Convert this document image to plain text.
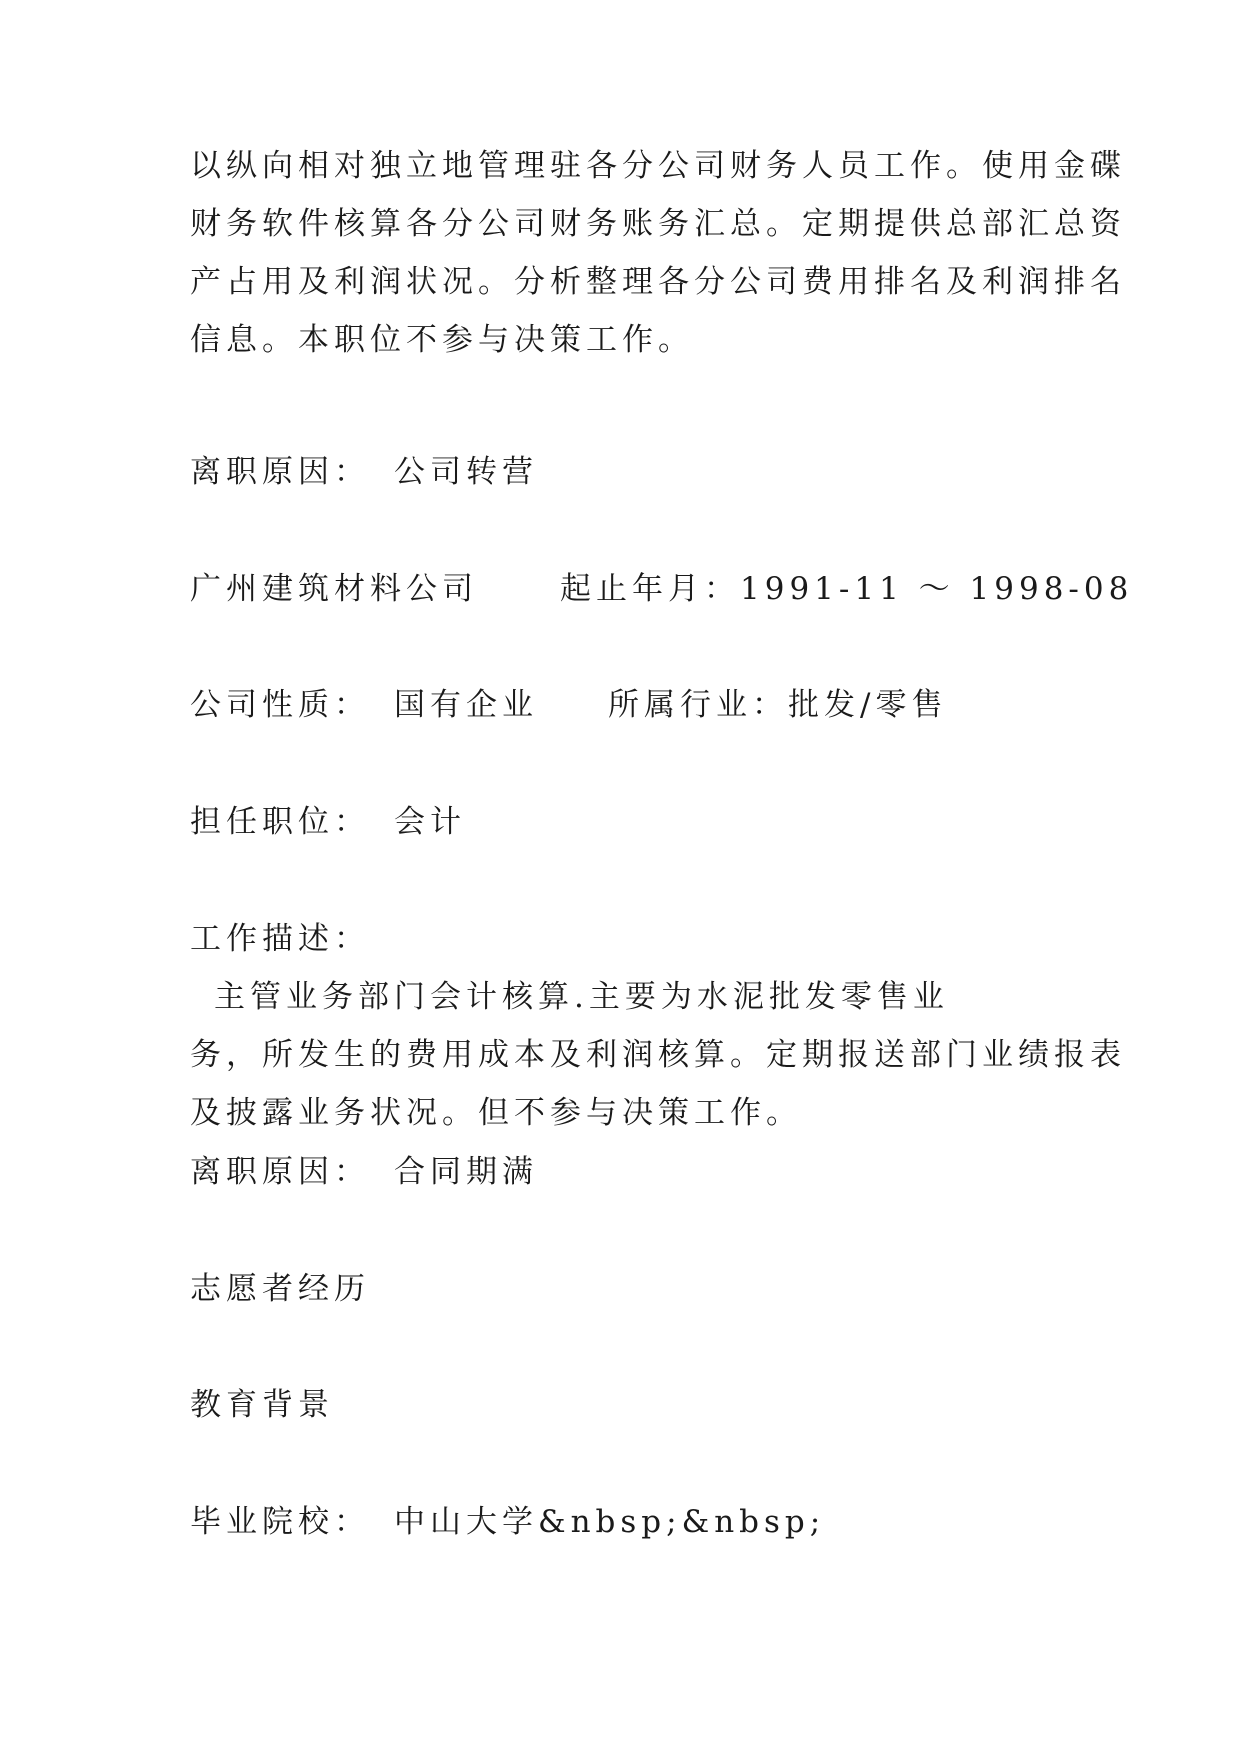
以纵向相对独立地管理驻各分公司财务人员工作。使用金碟
财务软件核算各分公司财务账务汇总。定期提供总部汇总资
产占用及利润状况。分析整理各分公司费用排名及利润排名
信息。本职位不参与决策工作。
离职原因： 公司转营
广州建筑材料公司	起止年月：1991-11 ～ 1998-08
公司性质： 国有企业 所属行业：批发/零售
担任职位： 会计
工作描述：
主管业务部门会计核算.主要为水泥批发零售业
务，所发生的费用成本及利润核算。定期报送部门业绩报表
及披露业务状况。但不参与决策工作。
离职原因： 合同期满
志愿者经历
教育背景
毕业院校： 中山大学&nbsp;&nbsp;
